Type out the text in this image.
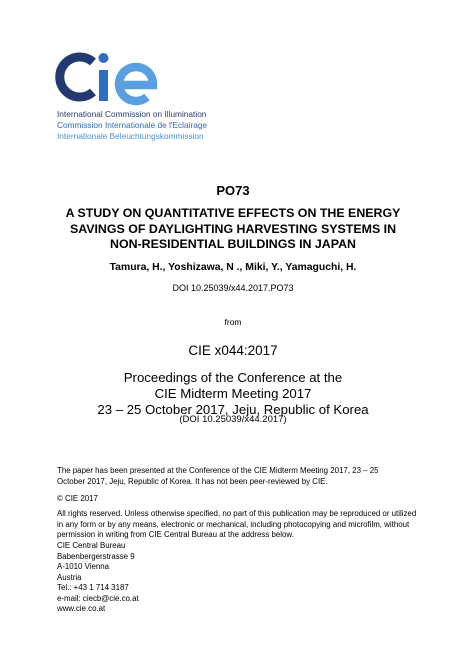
International Commission on Illumination
Commission Internationale de l'Eclairage
Internationale Beleuchtungskommission
PO73
A STUDY ON QUANTITATIVE EFFECTS ON THE ENERGY
SAVINGS OF DAYLIGHTING HARVESTING SYSTEMS IN
NON-RESIDENTIAL BUILDINGS IN JAPAN
Tamura, H., Yoshizawa, N ., Miki, Y., Yamaguchi, H.
DOI 10.25039/x44.2017.PO73
from
CIE x044:2017
Proceedings of the Conference at the
CIE Midterm Meeting 2017
23 – 25 October 2017, Jeju, Republic of Korea
(DOI 10.25039/x44.2017)
The paper has been presented at the Conference of the CIE Midterm Meeting 2017, 23 – 25
October 2017, Jeju, Republic of Korea. It has not been peer-reviewed by CIE.
© CIE 2017
All rights reserved. Unless otherwise specified, no part of this publication may be reproduced or utilized
in any form or by any means, electronic or mechanical, including photocopying and microfilm, without
permission in writing from CIE Central Bureau at the address below.
CIE Central Bureau
Babenbergerstrasse 9
A-1010 Vienna
Austria
Tel.: +43 1 714 3187
e-mail: ciecb@cie.co.at
www.cie.co.at
